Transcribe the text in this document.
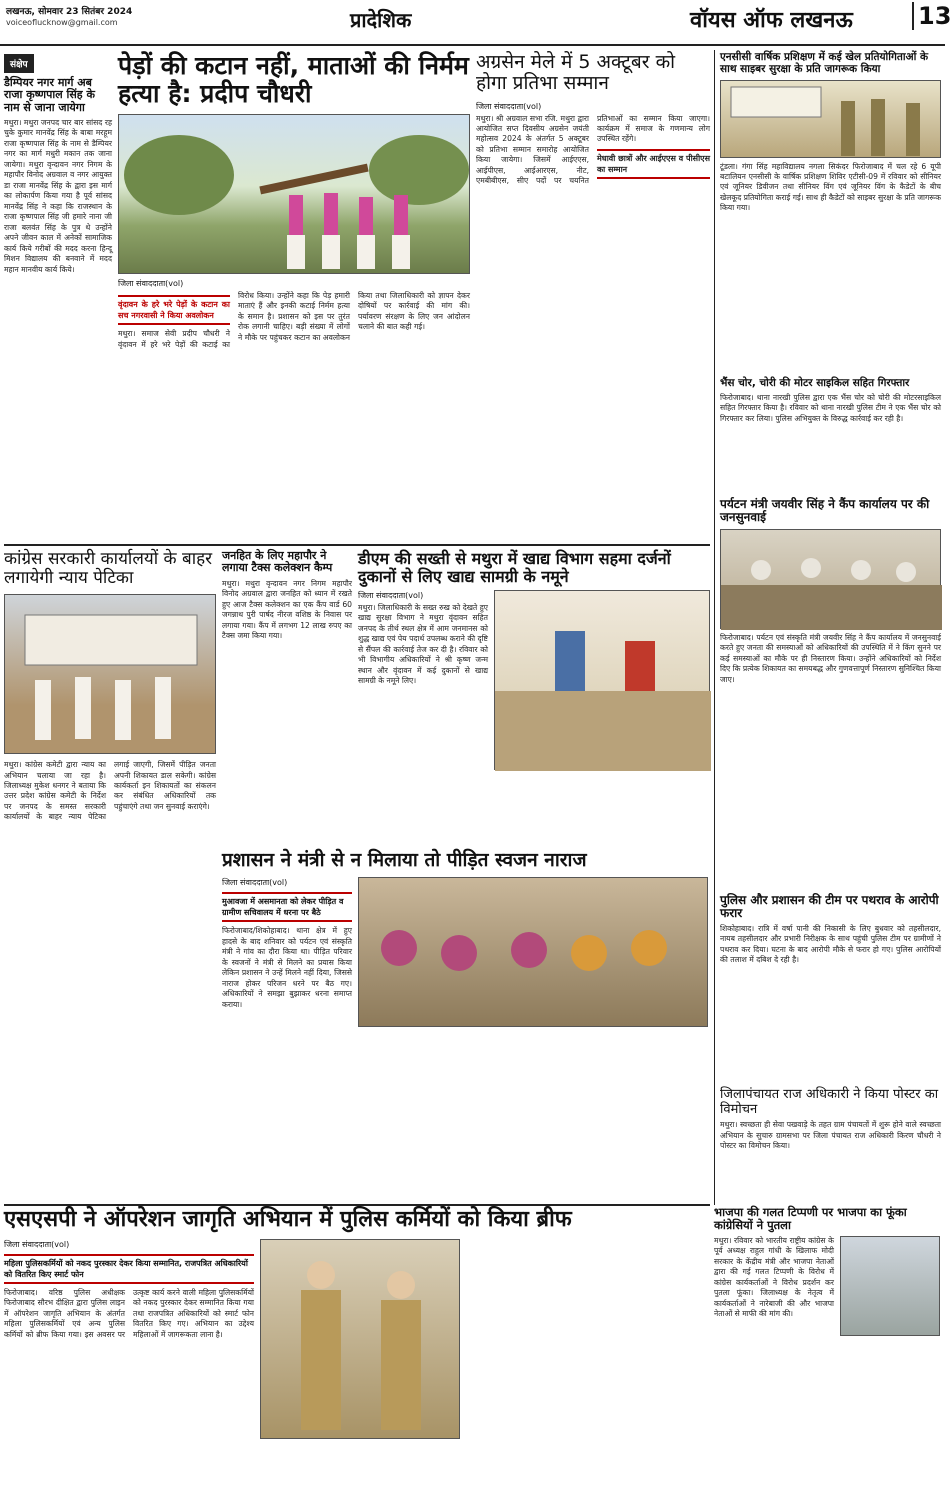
लखनऊ, सोमवार 23 सितंबर 2024
voiceoflucknow@gmail.com	प्रादेशिक	वॉयस ऑफ लखनऊ	13
संक्षेप
डैम्पियर नगर मार्ग अब राजा कृष्णपाल सिंह के नाम से जाना जायेगा
मथुरा। मथुरा जनपद चार बार सांसद रह चुके कुमार मानवेंद्र सिंह के बाबा मरहूम राजा कृष्णपाल सिंह के नाम से डैम्पियर नगर का मार्ग मधुरी मकान तक जाना जायेगा। मथुरा वृन्दावन नगर निगम के महापौर विनोद अग्रवाल व नगर आयुक्त डा राजा मानवेंद्र सिंह के द्वारा इस मार्ग का लोकार्पण किया गया है पूर्व सांसद मानवेंद्र सिंह ने कहा कि राजस्थान के राजा कृष्णपाल सिंह जी हमारे नाना जी राजा बलवंत सिंह के पुत्र थे उन्होंने अपने जीवन काल में अनेकों सामाजिक कार्य किये गरीबों की मदद करना हिन्दू मिशन विद्यालय की बनवाने में मदद महान मानवीय कार्य किये।
पेड़ों की कटान नहीं, माताओं की निर्मम हत्या है: प्रदीप चौधरी
जिला संवाददाता(vol)
वृंदावन के हरे भरे पेड़ों के कटान का सच नगरवासी ने किया अवलोकन
मथुरा। समाज सेवी प्रदीप चौधरी ने वृंदावन में हरे भरे पेड़ों की कटाई का विरोध किया। उन्होंने कहा कि पेड़ हमारी माताएं हैं और इनकी कटाई निर्मम हत्या के समान है। प्रशासन को इस पर तुरंत रोक लगानी चाहिए। बड़ी संख्या में लोगों ने मौके पर पहुंचकर कटान का अवलोकन किया तथा जिलाधिकारी को ज्ञापन देकर दोषियों पर कार्रवाई की मांग की। पर्यावरण संरक्षण के लिए जन आंदोलन चलाने की बात कही गई।
अग्रसेन मेले में 5 अक्टूबर को होगा प्रतिभा सम्मान
जिला संवाददाता(vol)
मथुरा। श्री अग्रवाल सभा रजि. मथुरा द्वारा आयोजित सप्त दिवसीय अग्रसेन जयंती महोत्सव 2024 के अंतर्गत 5 अक्टूबर को प्रतिभा सम्मान समारोह आयोजित किया जायेगा। जिसमें आईएएस, आईपीएस, आईआरएस, नीट, एमबीबीएस, सीए पदों पर चयनित प्रतिभाओं का सम्मान किया जाएगा। कार्यक्रम में समाज के गणमान्य लोग उपस्थित रहेंगे।
मेधावी छात्रों और आईएएस व पीसीएस का सम्मान
एनसीसी वार्षिक प्रशिक्षण में कई खेल प्रतियोगिताओं के साथ साइबर सुरक्षा के प्रति जागरूक किया
टूंडला। गंगा सिंह महाविद्यालय नगला सिकंदर फिरोजाबाद में चल रहे 6 यूपी बटालियन एनसीसी के वार्षिक प्रशिक्षण शिविर एटीसी-09 में रविवार को सीनियर एवं जूनियर डिवीजन तथा सीनियर विंग एवं जूनियर विंग के कैडेटों के बीच खेलकूद प्रतियोगिता कराई गई। साथ ही कैडेटों को साइबर सुरक्षा के प्रति जागरूक किया गया।
भैंस चोर, चोरी की मोटर साइकिल सहित गिरफ्तार
फिरोजाबाद। थाना नारखी पुलिस द्वारा एक भैंस चोर को चोरी की मोटरसाइकिल सहित गिरफ्तार किया है। रविवार को थाना नारखी पुलिस टीम ने एक भैंस चोर को गिरफ्तार कर लिया। पुलिस अभियुक्त के विरुद्ध कार्रवाई कर रही है।
पर्यटन मंत्री जयवीर सिंह ने कैंप कार्यालय पर की जनसुनवाई
फिरोजाबाद। पर्यटन एवं संस्कृति मंत्री जयवीर सिंह ने कैंप कार्यालय में जनसुनवाई करते हुए जनता की समस्याओं को अधिकारियों की उपस्थिति में ने किंग सुनने पर कई समस्याओं का मौके पर ही निस्तारण किया। उन्होंने अधिकारियों को निर्देश दिए कि प्रत्येक शिकायत का समयबद्ध और गुणवत्तापूर्ण निस्तारण सुनिश्चित किया जाए।
पुलिस और प्रशासन की टीम पर पथराव के आरोपी फरार
शिकोहाबाद। रात्रि में वर्षा पानी की निकासी के लिए बुधवार को तहसीलदार, नायब तहसीलदार और प्रभारी निरीक्षक के साथ पहुंची पुलिस टीम पर ग्रामीणों ने पथराव कर दिया। घटना के बाद आरोपी मौके से फरार हो गए। पुलिस आरोपियों की तलाश में दबिश दे रही है।
जिलापंचायत राज अधिकारी ने किया पोस्टर का विमोचन
मथुरा। स्वच्छता ही सेवा पखवाड़े के तहत ग्राम पंचायतों में शुरू होने वाले स्वच्छता अभियान के सुचारु ग्रामसभा पर जिला पंचायत राज अधिकारी किरण चौधरी ने पोस्टर का विमोचन किया।
भाजपा की गलत टिप्पणी पर भाजपा का फूंका कांग्रेसियों ने पुतला
मथुरा। रविवार को भारतीय राष्ट्रीय कांग्रेस के पूर्व अध्यक्ष राहुल गांधी के खिलाफ मोदी सरकार के केंद्रीय मंत्री और भाजपा नेताओं द्वारा की गई गलत टिप्पणी के विरोध में कांग्रेस कार्यकर्ताओं ने विरोध प्रदर्शन कर पुतला फूंका। जिलाध्यक्ष के नेतृत्व में कार्यकर्ताओं ने नारेबाजी की और भाजपा नेताओं से माफी की मांग की।
कांग्रेस सरकारी कार्यालयों के बाहर लगायेगी न्याय पेटिका
मथुरा। कांग्रेस कमेटी द्वारा न्याय का अभियान चलाया जा रहा है। जिलाध्यक्ष मुकेश धनगर ने बताया कि उत्तर प्रदेश कांग्रेस कमेटी के निर्देश पर जनपद के समस्त सरकारी कार्यालयों के बाहर न्याय पेटिका लगाई जाएगी, जिसमें पीड़ित जनता अपनी शिकायत डाल सकेगी। कांग्रेस कार्यकर्ता इन शिकायतों का संकलन कर संबंधित अधिकारियों तक पहुंचाएंगे तथा जन सुनवाई कराएंगे।
जनहित के लिए महापौर ने लगाया टैक्स कलेक्शन कैम्प
मथुरा। मथुरा वृन्दावन नगर निगम महापौर विनोद अग्रवाल द्वारा जनहित को ध्यान में रखते हुए आज टैक्स कलेक्शन का एक कैंप वार्ड 60 जगन्नाथ पुरी पार्षद नीरज वशिष्ठ के निवास पर लगाया गया। कैंप में लगभग 12 लाख रुपए का टैक्स जमा किया गया।
डीएम की सख्ती से मथुरा में खाद्य विभाग सहमा दर्जनों दुकानों से लिए खाद्य सामग्री के नमूने
जिला संवाददाता(vol)
मथुरा। जिलाधिकारी के सख्त रुख को देखते हुए खाद्य सुरक्षा विभाग ने मथुरा वृंदावन सहित जनपद के तीर्थ स्थल क्षेत्र में आम जनमानस को शुद्ध खाद्य एवं पेय पदार्थ उपलब्ध कराने की दृष्टि से सैंपल की कार्रवाई तेज कर दी है। रविवार को भी विभागीय अधिकारियों ने श्री कृष्ण जन्म स्थान और वृंदावन में कई दुकानों से खाद्य सामग्री के नमूने लिए।
प्रशासन ने मंत्री से न मिलाया तो पीड़ित स्वजन नाराज
जिला संवाददाता(vol)
मुआवजा में असमानता को लेकर पीड़ित व ग्रामीण सचिवालय में धरना पर बैठे
फिरोजाबाद/शिकोहाबाद। थाना क्षेत्र में हुए हादसे के बाद शनिवार को पर्यटन एवं संस्कृति मंत्री ने गांव का दौरा किया था। पीड़ित परिवार के स्वजनों ने मंत्री से मिलने का प्रयास किया लेकिन प्रशासन ने उन्हें मिलने नहीं दिया, जिससे नाराज होकर परिजन धरने पर बैठ गए। अधिकारियों ने समझा बुझाकर धरना समाप्त कराया।
एसएसपी ने ऑपरेशन जागृति अभियान में पुलिस कर्मियों को किया ब्रीफ
जिला संवाददाता(vol)
महिला पुलिसकर्मियों को नकद पुरस्कार देकर किया सम्मानित, राजपत्रित अधिकारियों को वितरित किए स्मार्ट फोन
फिरोजाबाद। वरिष्ठ पुलिस अधीक्षक फिरोजाबाद सौरभ दीक्षित द्वारा पुलिस लाइन में ऑपरेशन जागृति अभियान के अंतर्गत महिला पुलिसकर्मियों एवं अन्य पुलिस कर्मियों को ब्रीफ किया गया। इस अवसर पर उत्कृष्ट कार्य करने वाली महिला पुलिसकर्मियों को नकद पुरस्कार देकर सम्मानित किया गया तथा राजपत्रित अधिकारियों को स्मार्ट फोन वितरित किए गए। अभियान का उद्देश्य महिलाओं में जागरूकता लाना है।
